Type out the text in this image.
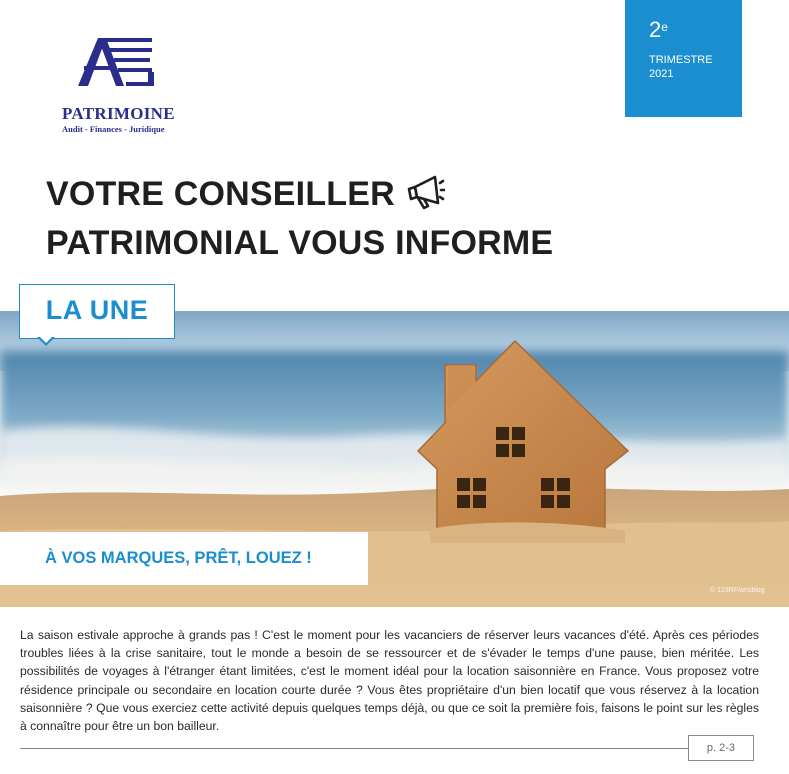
PATRIMOINE
Audit - Finances - Juridique
2e
TRIMESTRE
2021
VOTRE CONSEILLER
PATRIMONIAL VOUS INFORME
LA UNE
À VOS MARQUES, PRÊT, LOUEZ !
© 123RF/arisblog

La saison estivale approche à grands pas ! C'est le moment pour les vacanciers de réserver leurs vacances d'été. Après ces périodes troubles liées à la crise sanitaire, tout le monde a besoin de se ressourcer et de s'évader le temps d'une pause, bien méritée. Les possibilités de voyages à l'étranger étant limitées, c'est le moment idéal pour la location saisonnière en France. Vous proposez votre résidence principale ou secondaire en location courte durée ? Vous êtes propriétaire d'un bien locatif que vous réservez à la location saisonnière ? Que vous exerciez cette activité depuis quelques temps déjà, ou que ce soit la première fois, faisons le point sur les règles à connaître pour être un bon bailleur.

p. 2-3
